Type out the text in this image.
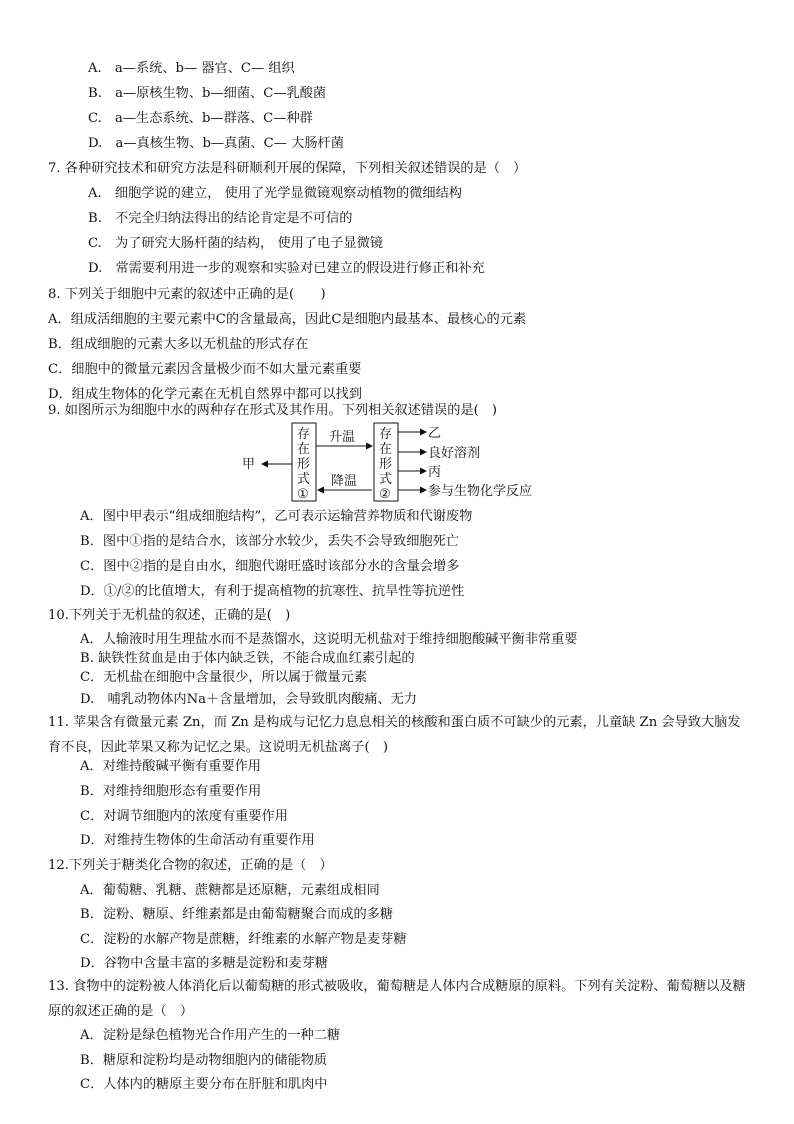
A.　a—系统、b— 器官、C— 组织
B.　a—原核生物、b—细菌、C—乳酸菌
C.　a—生态系统、b—群落、C—种群
D.　a—真核生物、b—真菌、C— 大肠杆菌
7. 各种研究技术和研究方法是科研顺利开展的保障，下列相关叙述错误的是（　）
A.　细胞学说的建立， 使用了光学显微镜观察动植物的微细结构
B.　不完全归纳法得出的结论肯定是不可信的
C.　为了研究大肠杆菌的结构， 使用了电子显微镜
D.　常需要利用进一步的观察和实验对已建立的假设进行修正和补充
8. 下列关于细胞中元素的叙述中正确的是(　　)
A．组成活细胞的主要元素中C的含量最高，因此C是细胞内最基本、最核心的元素
B．组成细胞的元素大多以无机盐的形式存在
C．细胞中的微量元素因含量极少而不如大量元素重要
D．组成生物体的化学元素在无机自然界中都可以找到
9. 如图所示为细胞中水的两种存在形式及其作用。下列相关叙述错误的是(　)
甲
存
在
形
式
①
升温
降温
存
在
形
式
②
乙
良好溶剂
丙
参与生物化学反应
A．图中甲表示“组成细胞结构”，乙可表示运输营养物质和代谢废物
B．图中①指的是结合水，该部分水较少，丢失不会导致细胞死亡
C．图中②指的是自由水，细胞代谢旺盛时该部分水的含量会增多
D．①/②的比值增大，有利于提高植物的抗寒性、抗旱性等抗逆性
10.下列关于无机盐的叙述，正确的是(　)
A．人输液时用生理盐水而不是蒸馏水，这说明无机盐对于维持细胞酸碱平衡非常重要
B. 缺铁性贫血是由于体内缺乏铁，不能合成血红素引起的
C．无机盐在细胞中含量很少，所以属于微量元素
D.　哺乳动物体内Na＋含量增加，会导致肌肉酸痛、无力
11. 苹果含有微量元素 Zn，而 Zn 是构成与记忆力息息相关的核酸和蛋白质不可缺少的元素，儿童缺 Zn 会导致大脑发育不良，因此苹果又称为记忆之果。这说明无机盐离子(　)
A．对维持酸碱平衡有重要作用
B．对维持细胞形态有重要作用
C．对调节细胞内的浓度有重要作用
D．对维持生物体的生命活动有重要作用
12.下列关于糖类化合物的叙述，正确的是（　）
A．葡萄糖、乳糖、蔗糖都是还原糖，元素组成相同
B．淀粉、糖原、纤维素都是由葡萄糖聚合而成的多糖
C．淀粉的水解产物是蔗糖，纤维素的水解产物是麦芽糖
D．谷物中含量丰富的多糖是淀粉和麦芽糖
13. 食物中的淀粉被人体消化后以葡萄糖的形式被吸收，葡萄糖是人体内合成糖原的原料。下列有关淀粉、葡萄糖以及糖原的叙述正确的是（　）
A．淀粉是绿色植物光合作用产生的一种二糖
B．糖原和淀粉均是动物细胞内的储能物质
C．人体内的糖原主要分布在肝脏和肌肉中
